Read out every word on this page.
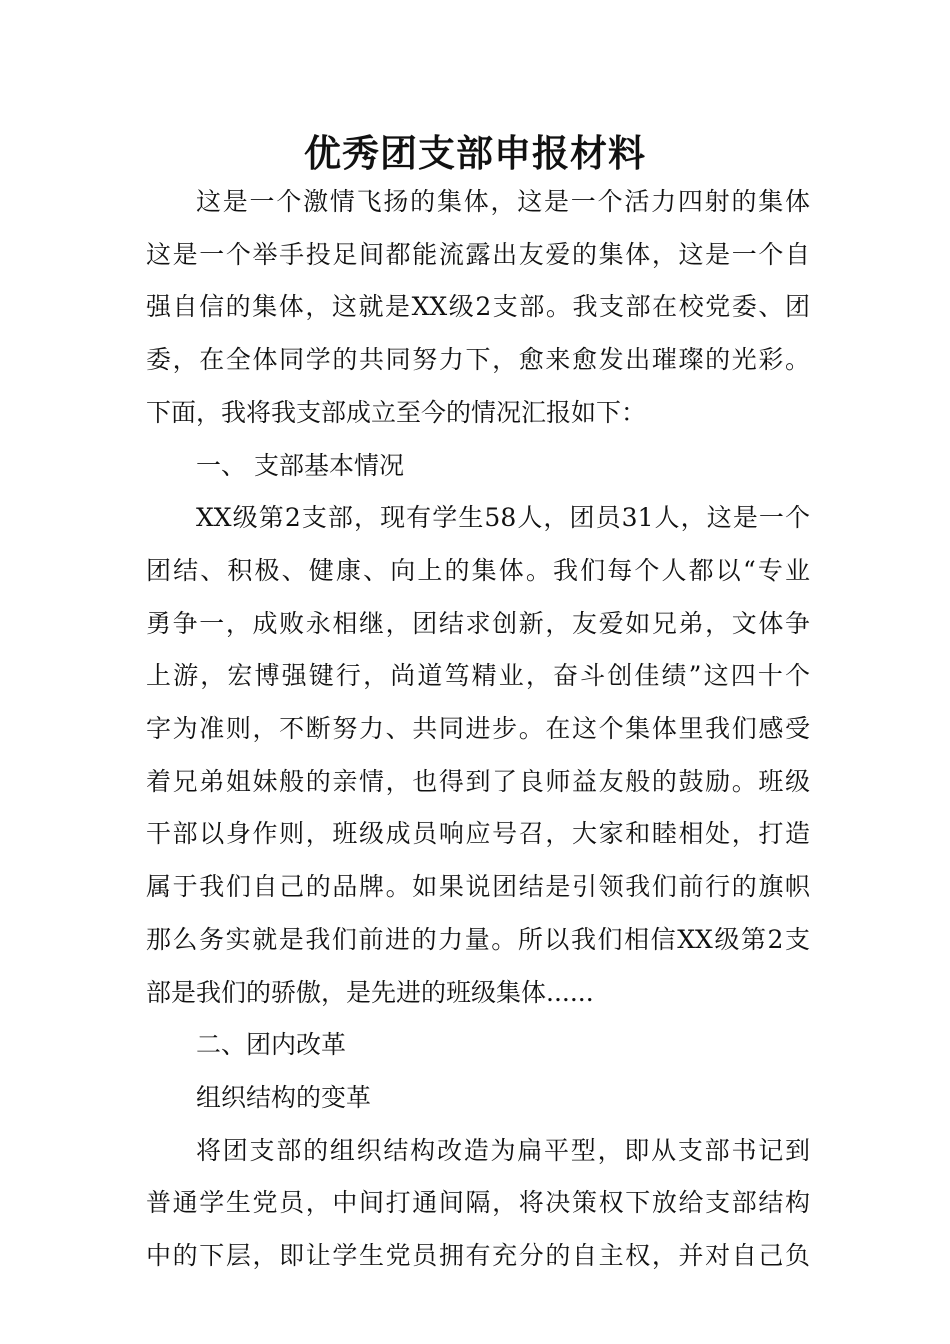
优秀团支部申报材料
这是一个激情飞扬的集体，这是一个活力四射的集体
这是一个举手投足间都能流露出友爱的集体，这是一个自
强自信的集体，这就是XX级2支部。我支部在校党委、团
委，在全体同学的共同努力下，愈来愈发出璀璨的光彩。
下面，我将我支部成立至今的情况汇报如下：
一、 支部基本情况
XX级第2支部，现有学生58人，团员31人，这是一个
团结、积极、健康、向上的集体。我们每个人都以“专业
勇争一，成败永相继，团结求创新，友爱如兄弟，文体争
上游，宏博强键行，尚道笃精业，奋斗创佳绩”这四十个
字为准则，不断努力、共同进步。在这个集体里我们感受
着兄弟姐妹般的亲情，也得到了良师益友般的鼓励。班级
干部以身作则，班级成员响应号召，大家和睦相处，打造
属于我们自己的品牌。如果说团结是引领我们前行的旗帜
那么务实就是我们前进的力量。所以我们相信XX级第2支
部是我们的骄傲，是先进的班级集体......
二、团内改革
组织结构的变革
将团支部的组织结构改造为扁平型，即从支部书记到
普通学生党员，中间打通间隔，将决策权下放给支部结构
中的下层，即让学生党员拥有充分的自主权，并对自己负
